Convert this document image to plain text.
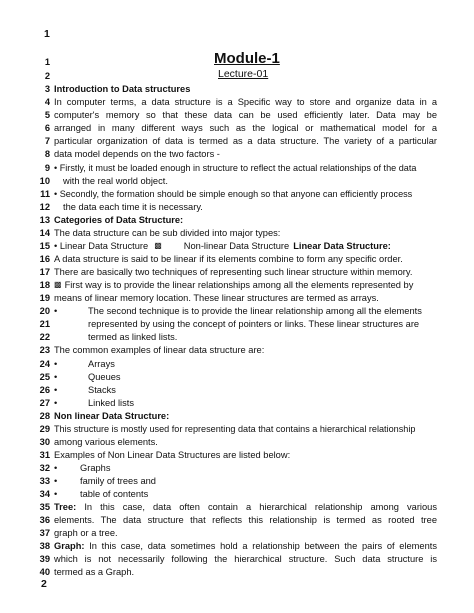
1
Module-1
Lecture-01
1
2
3 Introduction to Data structures
4 In computer terms, a data structure is a Specific way to store and organize data in a
5 computer's memory so that these data can be used efficiently later. Data may be
6 arranged in many different ways such as the logical or mathematical model for a
7 particular organization of data is termed as a data structure. The variety of a particular
8 data model depends on the two factors -
9 • Firstly, it must be loaded enough in structure to reflect the actual relationships of the data
10 with the real world object.
11 • Secondly, the formation should be simple enough so that anyone can efficiently process
12 the data each time it is necessary.
13 Categories of Data Structure:
14 The data structure can be sub divided into major types:
15 • Linear Data Structure ▩ Non-linear Data Structure Linear Data Structure:
16 A data structure is said to be linear if its elements combine to form any specific order.
17 There are basically two techniques of representing such linear structure within memory.
18 ▩ First way is to provide the linear relationships among all the elements represented by
19 means of linear memory location. These linear structures are termed as arrays.
20 •	The second technique is to provide the linear relationship among all the elements
21	represented by using the concept of pointers or links. These linear structures are
22	termed as linked lists.
23 The common examples of linear data structure are:
24 •	Arrays
25 •	Queues
26 •	Stacks
27 •	Linked lists
28 Non linear Data Structure:
29 This structure is mostly used for representing data that contains a hierarchical relationship
30 among various elements.
31 Examples of Non Linear Data Structures are listed below:
32 •	Graphs
33 •	family of trees and
34 •	table of contents
35 Tree: In this case, data often contain a hierarchical relationship among various
36 elements. The data structure that reflects this relationship is termed as rooted tree
37 graph or a tree.
38 Graph: In this case, data sometimes hold a relationship between the pairs of elements
39 which is not necessarily following the hierarchical structure. Such data structure is
40 termed as a Graph.
2
